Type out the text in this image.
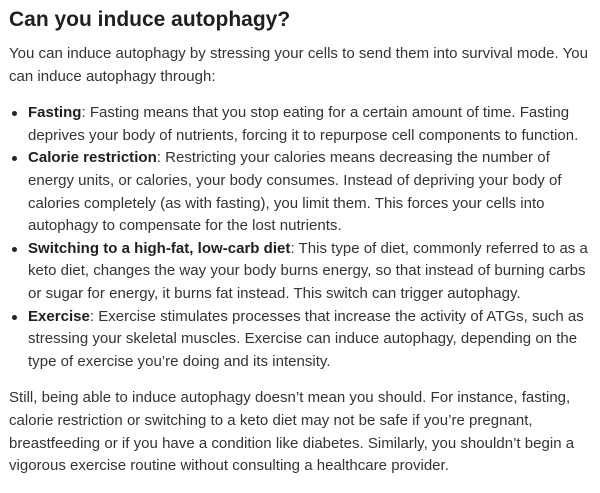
Can you induce autophagy?

You can induce autophagy by stressing your cells to send them into survival mode. You can induce autophagy through:

Fasting: Fasting means that you stop eating for a certain amount of time. Fasting deprives your body of nutrients, forcing it to repurpose cell components to function.
Calorie restriction: Restricting your calories means decreasing the number of energy units, or calories, your body consumes. Instead of depriving your body of calories completely (as with fasting), you limit them. This forces your cells into autophagy to compensate for the lost nutrients.
Switching to a high-fat, low-carb diet: This type of diet, commonly referred to as a keto diet, changes the way your body burns energy, so that instead of burning carbs or sugar for energy, it burns fat instead. This switch can trigger autophagy.
Exercise: Exercise stimulates processes that increase the activity of ATGs, such as stressing your skeletal muscles. Exercise can induce autophagy, depending on the type of exercise you’re doing and its intensity.

Still, being able to induce autophagy doesn’t mean you should. For instance, fasting, calorie restriction or switching to a keto diet may not be safe if you’re pregnant, breastfeeding or if you have a condition like diabetes. Similarly, you shouldn’t begin a vigorous exercise routine without consulting a healthcare provider.
